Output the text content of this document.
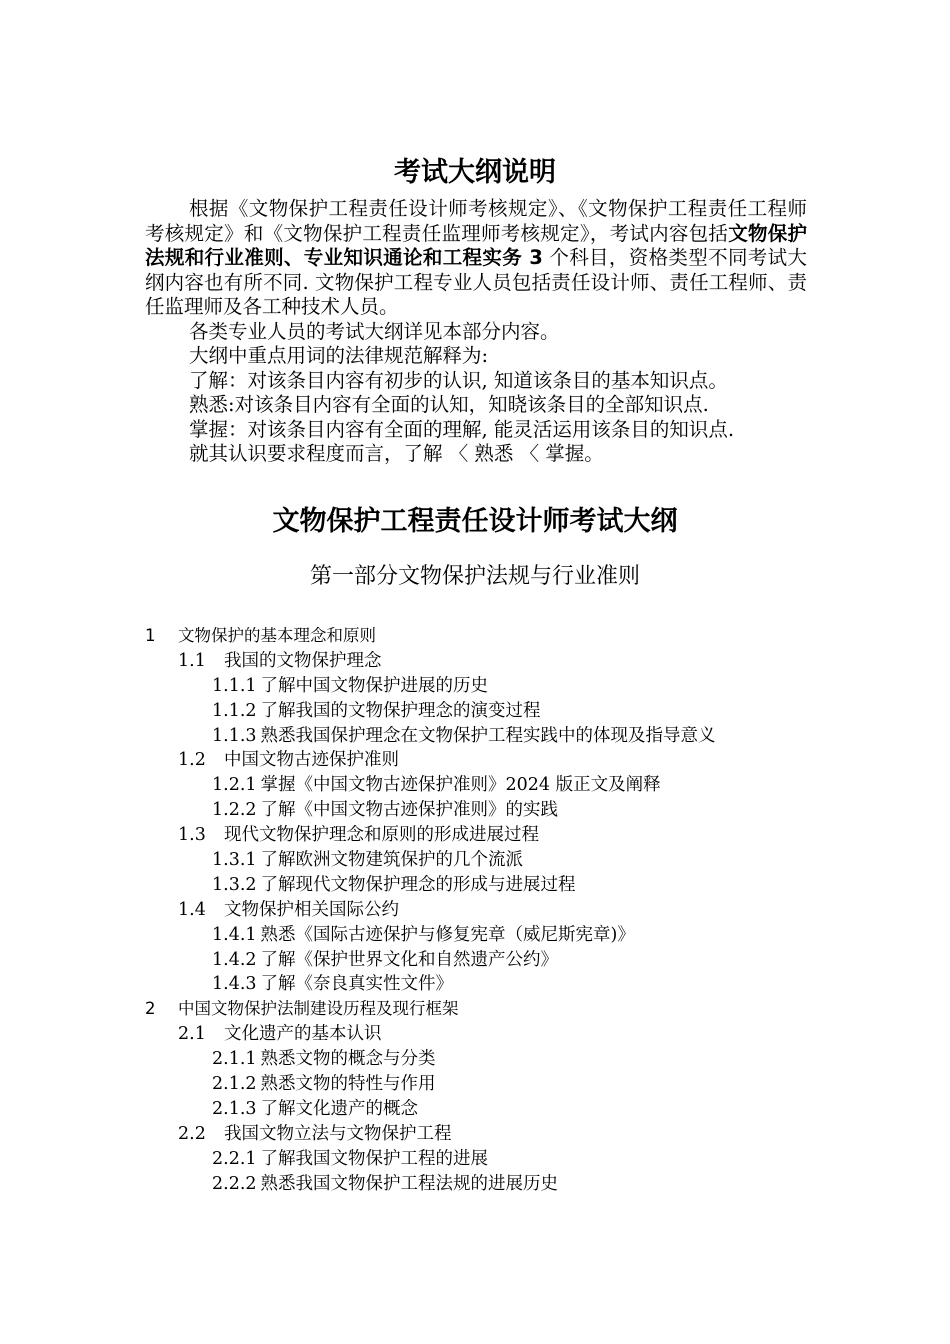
考试大纲说明

根据《文物保护工程责任设计师考核规定》、《文物保护工程责任工程师考核规定》和《文物保护工程责任监理师考核规定》，考试内容包括文物保护法规和行业准则、专业知识通论和工程实务 3 个科目，资格类型不同考试大纲内容也有所不同. 文物保护工程专业人员包括责任设计师、责任工程师、责任监理师及各工种技术人员。

各类专业人员的考试大纲详见本部分内容。

大纲中重点用词的法律规范解释为:

了解：对该条目内容有初步的认识, 知道该条目的基本知识点。

熟悉:对该条目内容有全面的认知，知晓该条目的全部知识点.

掌握：对该条目内容有全面的理解, 能灵活运用该条目的知识点.

就其认识要求程度而言，了解 〈 熟悉 〈 掌握。

文物保护工程责任设计师考试大纲
第一部分文物保护法规与行业准则
1 文物保护的基本理念和原则
1.1 我国的文物保护理念
1.1.1 了解中国文物保护进展的历史
1.1.2 了解我国的文物保护理念的演变过程
1.1.3 熟悉我国保护理念在文物保护工程实践中的体现及指导意义
1.2 中国文物古迹保护准则
1.2.1 掌握《中国文物古迹保护准则》2024 版正文及阐释
1.2.2 了解《中国文物古迹保护准则》的实践
1.3 现代文物保护理念和原则的形成进展过程
1.3.1 了解欧洲文物建筑保护的几个流派
1.3.2 了解现代文物保护理念的形成与进展过程
1.4 文物保护相关国际公约
1.4.1 熟悉《国际古迹保护与修复宪章（威尼斯宪章)》
1.4.2 了解《保护世界文化和自然遗产公约》
1.4.3 了解《奈良真实性文件》
2 中国文物保护法制建设历程及现行框架
2.1 文化遗产的基本认识
2.1.1 熟悉文物的概念与分类
2.1.2 熟悉文物的特性与作用
2.1.3 了解文化遗产的概念
2.2 我国文物立法与文物保护工程
2.2.1 了解我国文物保护工程的进展
2.2.2 熟悉我国文物保护工程法规的进展历史
